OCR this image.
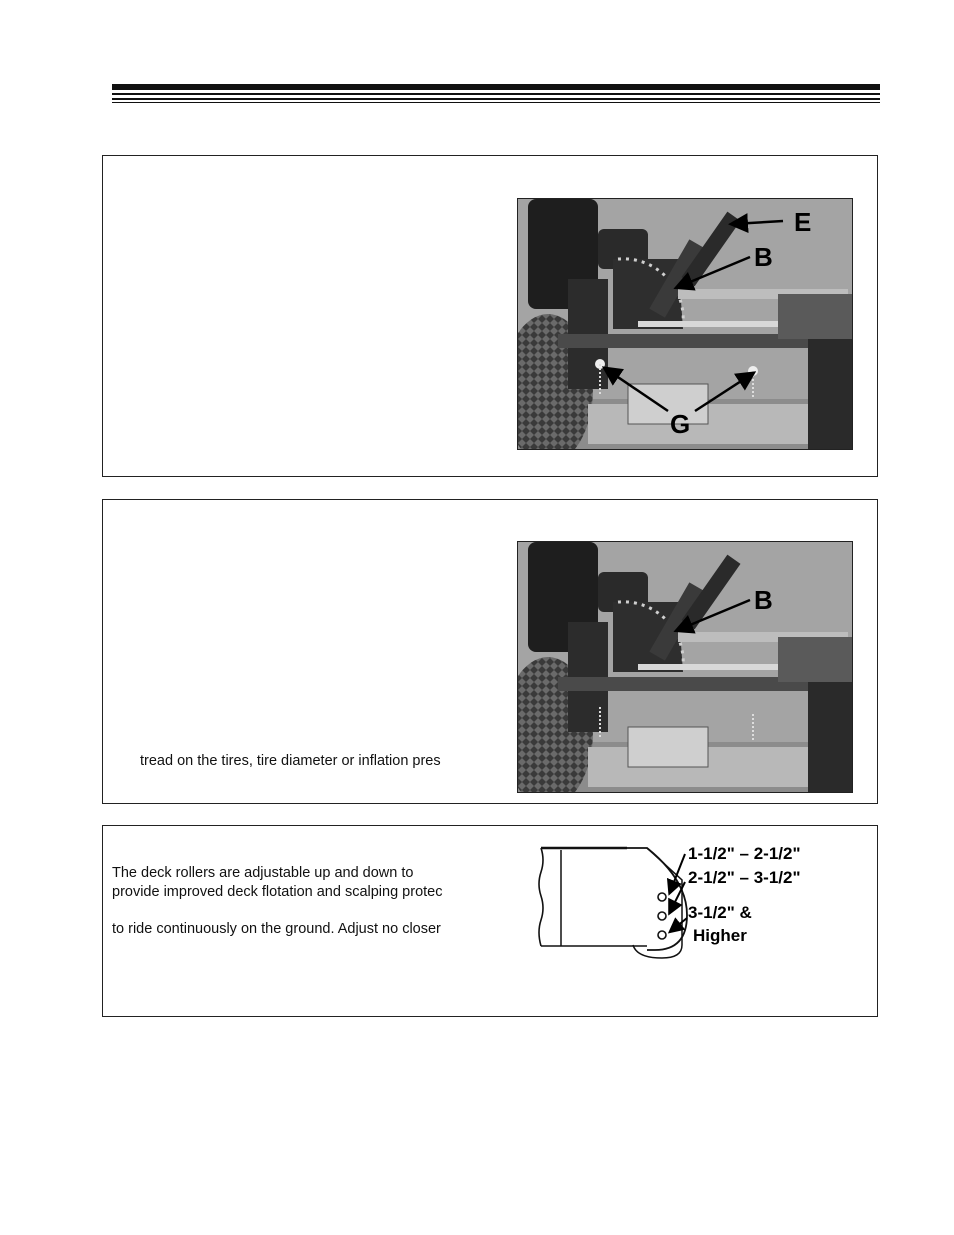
E
B
G
B

tread on the tires, tire diameter or inflation pres

The deck rollers are adjustable up and down to

provide improved deck flotation and scalping protec

to ride continuously on the ground. Adjust no closer

1-1/2" – 2-1/2"
2-1/2" – 3-1/2"
3-1/2" &
Higher
